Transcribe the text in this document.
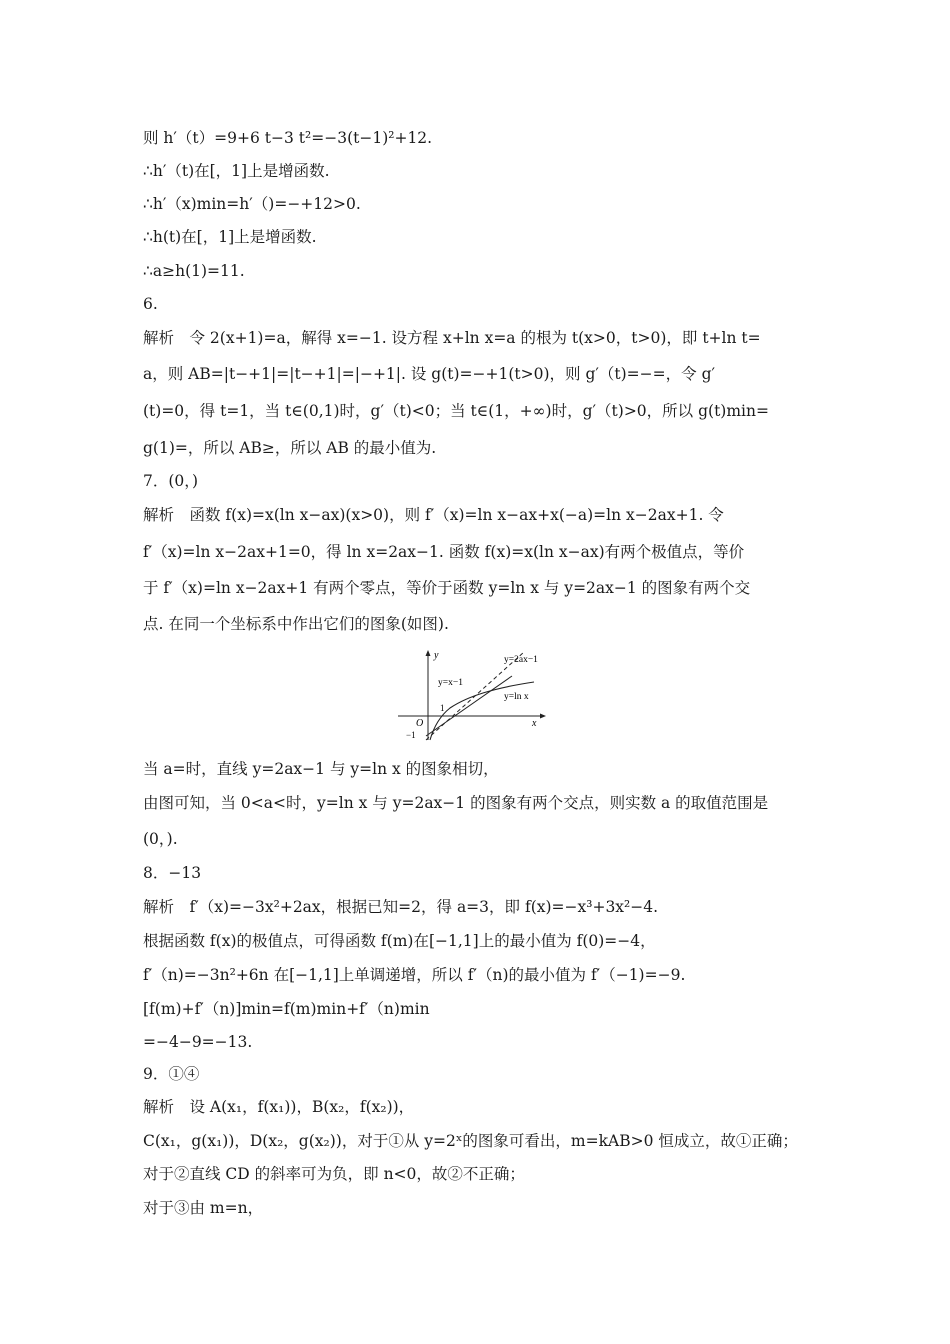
则 h′（t）=9+6 t−3 t²=−3(t−1)²+12.
∴h′（t)在[，1]上是增函数.
∴h′（x)min=h′（)=−+12>0.
∴h(t)在[，1]上是增函数.
∴a≥h(1)=11.
6.
解析　令 2(x+1)=a，解得 x=−1. 设方程 x+ln x=a 的根为 t(x>0，t>0)，即 t+ln t=
a，则 AB=|t−+1|=|t−+1|=|−+1|. 设 g(t)=−+1(t>0)，则 g′（t)=−=，令 g′
(t)=0，得 t=1，当 t∈(0,1)时，g′（t)<0；当 t∈(1，+∞)时，g′（t)>0，所以 g(t)min=
g(1)=，所以 AB≥，所以 AB 的最小值为.
7．(0，)
解析　函数 f(x)=x(ln x−ax)(x>0)，则 f′（x)=ln x−ax+x(−a)=ln x−2ax+1. 令
f′（x)=ln x−2ax+1=0，得 ln x=2ax−1. 函数 f(x)=x(ln x−ax)有两个极值点，等价
于 f′（x)=ln x−2ax+1 有两个零点，等价于函数 y=ln x 与 y=2ax−1 的图象有两个交
点. 在同一个坐标系中作出它们的图象(如图).
y
x
O
−1
1
y=2ax−1
y=x−1
y=ln x
当 a=时，直线 y=2ax−1 与 y=ln x 的图象相切，
由图可知，当 0<a<时，y=ln x 与 y=2ax−1 的图象有两个交点，则实数 a 的取值范围是
(0，).
8．−13
解析　f′（x)=−3x²+2ax，根据已知=2，得 a=3，即 f(x)=−x³+3x²−4.
根据函数 f(x)的极值点，可得函数 f(m)在[−1,1]上的最小值为 f(0)=−4，
f′（n)=−3n²+6n 在[−1,1]上单调递增，所以 f′（n)的最小值为 f′（−1)=−9.
[f(m)+f′（n)]min=f(m)min+f′（n)min
=−4−9=−13.
9．①④
解析　设 A(x₁，f(x₁))，B(x₂，f(x₂))，
C(x₁，g(x₁))，D(x₂，g(x₂))，对于①从 y=2ˣ的图象可看出，m=kAB>0 恒成立，故①正确；
对于②直线 CD 的斜率可为负，即 n<0，故②不正确；
对于③由 m=n，
